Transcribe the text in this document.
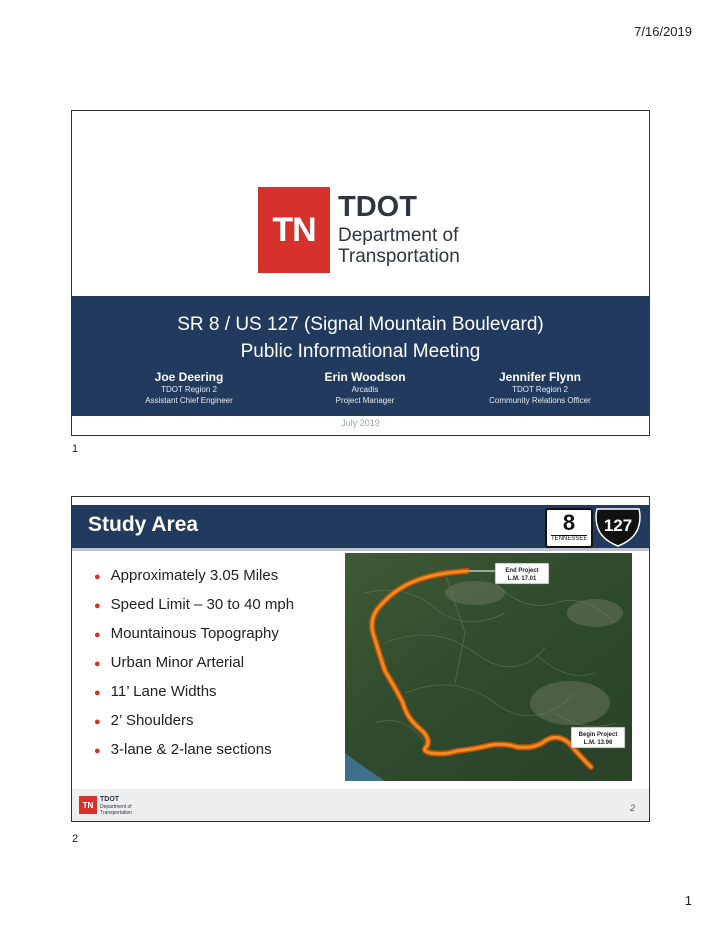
7/16/2019
TN
TDOT
Department of
Transportation
SR 8 / US 127 (Signal Mountain Boulevard)
Public Informational Meeting
Joe Deering
TDOT Region 2
Assistant Chief Engineer
Erin Woodson
Arcadis
Project Manager
Jennifer Flynn
TDOT Region 2
Community Relations Officer
July 2019
1
Study Area	8
TENNESSEE
127
● Approximately 3.05 Miles
● Speed Limit – 30 to 40 mph
● Mountainous Topography
● Urban Minor Arterial
● 11’ Lane Widths
● 2’ Shoulders
● 3-lane & 2-lane sections
End Project
L.M. 17.01
Begin Project
L.M. 13.96
TN
TDOT
Department of
Transportation	2
2
1
